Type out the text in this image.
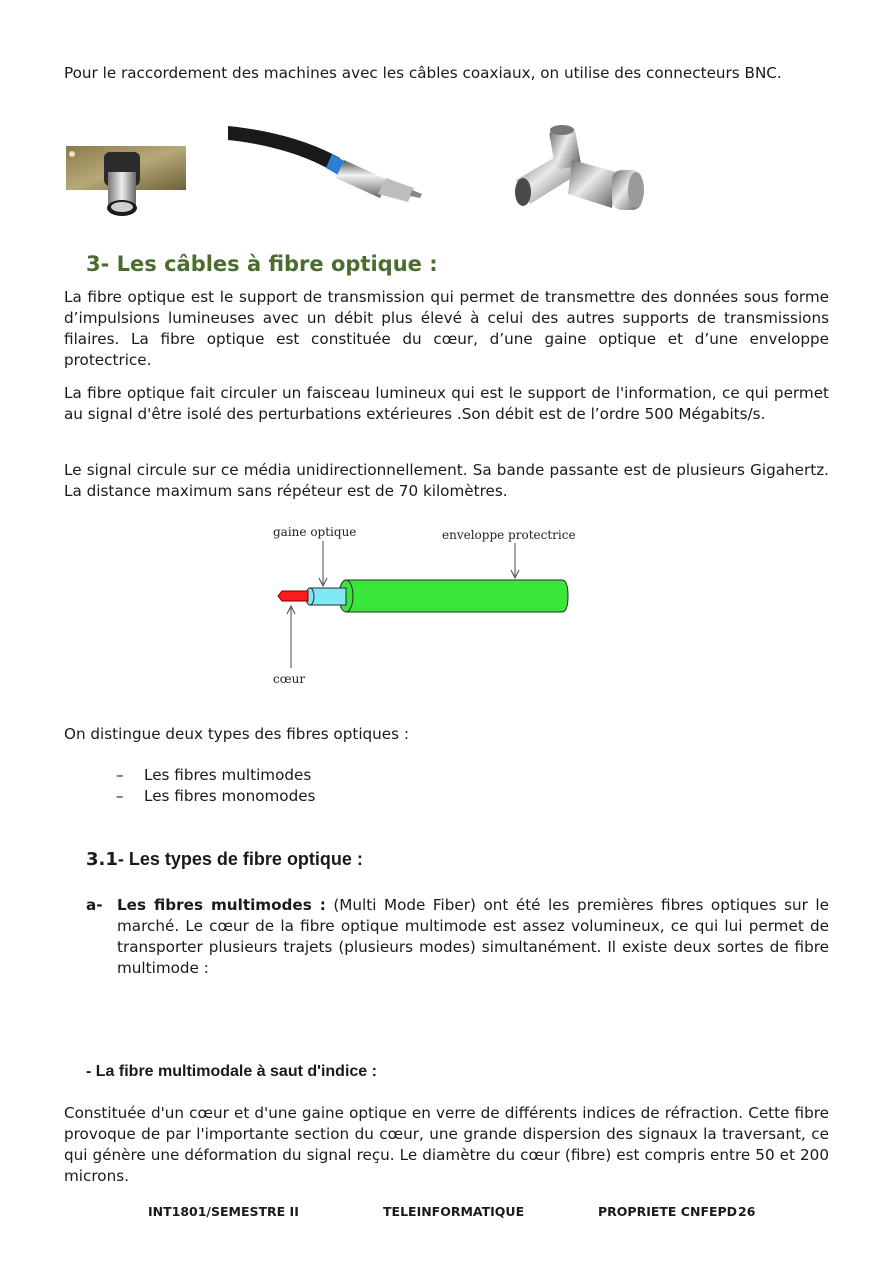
Pour le raccordement des machines avec les câbles coaxiaux, on utilise des connecteurs BNC.

3- Les câbles à fibre optique :

La fibre optique est le support de transmission qui permet de transmettre des données sous forme d’impulsions lumineuses avec un débit plus élevé à celui des autres supports de transmissions filaires. La fibre optique est constituée du cœur, d’une gaine optique et d’une enveloppe protectrice.

La fibre optique fait circuler un faisceau lumineux qui est le support de l'information, ce qui permet au signal d'être isolé des perturbations extérieures .Son débit est de l’ordre 500 Mégabits/s.

Le signal circule sur ce média unidirectionnellement. Sa bande passante est de plusieurs Gigahertz. La distance maximum sans répéteur est de 70 kilomètres.

gaine optique	enveloppe protectrice
cœur

On distingue deux types des fibres optiques :

– Les fibres multimodes
– Les fibres monomodes
3.1- Les types de fibre optique :

a- Les fibres multimodes : (Multi Mode Fiber) ont été les premières fibres optiques sur le marché. Le cœur de la fibre optique multimode est assez volumineux, ce qui lui permet de transporter plusieurs trajets (plusieurs modes) simultanément. Il existe deux sortes de fibre multimode :

- La fibre multimodale à saut d'indice :

Constituée d'un cœur et d'une gaine optique en verre de différents indices de réfraction. Cette fibre provoque de par l'importante section du cœur, une grande dispersion des signaux la traversant, ce qui génère une déformation du signal reçu. Le diamètre du cœur (fibre) est compris entre 50 et 200 microns.

INT1801/SEMESTRE II	TELEINFORMATIQUE	PROPRIETE CNFEPD 26
